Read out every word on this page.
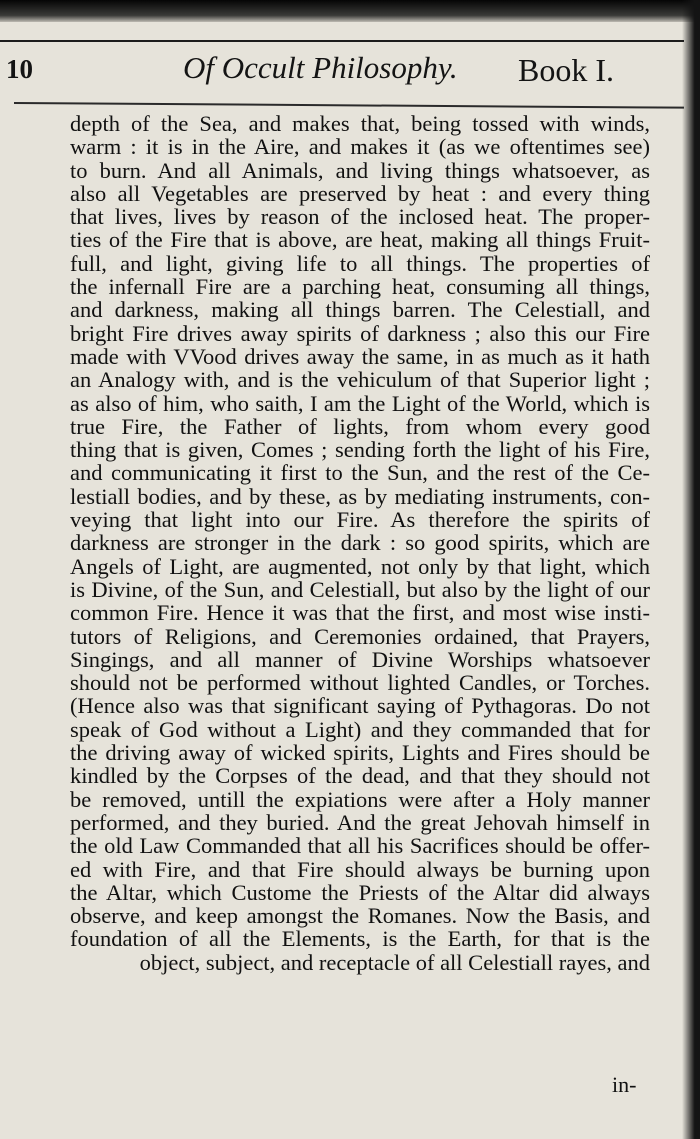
10	Of Occult Philosophy. Book I.
depth of the Sea, and makes that, being tossed with winds,
warm : it is in the Aire, and makes it (as we oftentimes see)
to burn. And all Animals, and living things whatsoever, as
also all Vegetables are preserved by heat : and every thing
that lives, lives by reason of the inclosed heat. The proper-
ties of the Fire that is above, are heat, making all things Fruit-
full, and light, giving life to all things. The properties of
the infernall Fire are a parching heat, consuming all things,
and darkness, making all things barren. The Celestiall, and
bright Fire drives away spirits of darkness ; also this our Fire
made with VVood drives away the same, in as much as it hath
an Analogy with, and is the vehiculum of that Superior light ;
as also of him, who saith, I am the Light of the World, which is
true Fire, the Father of lights, from whom every good
thing that is given, Comes ; sending forth the light of his Fire,
and communicating it first to the Sun, and the rest of the Ce-
lestiall bodies, and by these, as by mediating instruments, con-
veying that light into our Fire. As therefore the spirits of
darkness are stronger in the dark : so good spirits, which are
Angels of Light, are augmented, not only by that light, which
is Divine, of the Sun, and Celestiall, but also by the light of our
common Fire. Hence it was that the first, and most wise insti-
tutors of Religions, and Ceremonies ordained, that Prayers,
Singings, and all manner of Divine Worships whatsoever
should not be performed without lighted Candles, or Torches.
(Hence also was that significant saying of Pythagoras. Do not
speak of God without a Light) and they commanded that for
the driving away of wicked spirits, Lights and Fires should be
kindled by the Corpses of the dead, and that they should not
be removed, untill the expiations were after a Holy manner
performed, and they buried. And the great Jehovah himself in
the old Law Commanded that all his Sacrifices should be offer-
ed with Fire, and that Fire should always be burning upon
the Altar, which Custome the Priests of the Altar did always
observe, and keep amongst the Romanes. Now the Basis, and
foundation of all the Elements, is the Earth, for that is the
object, subject, and receptacle of all Celestiall rayes, and
in-
